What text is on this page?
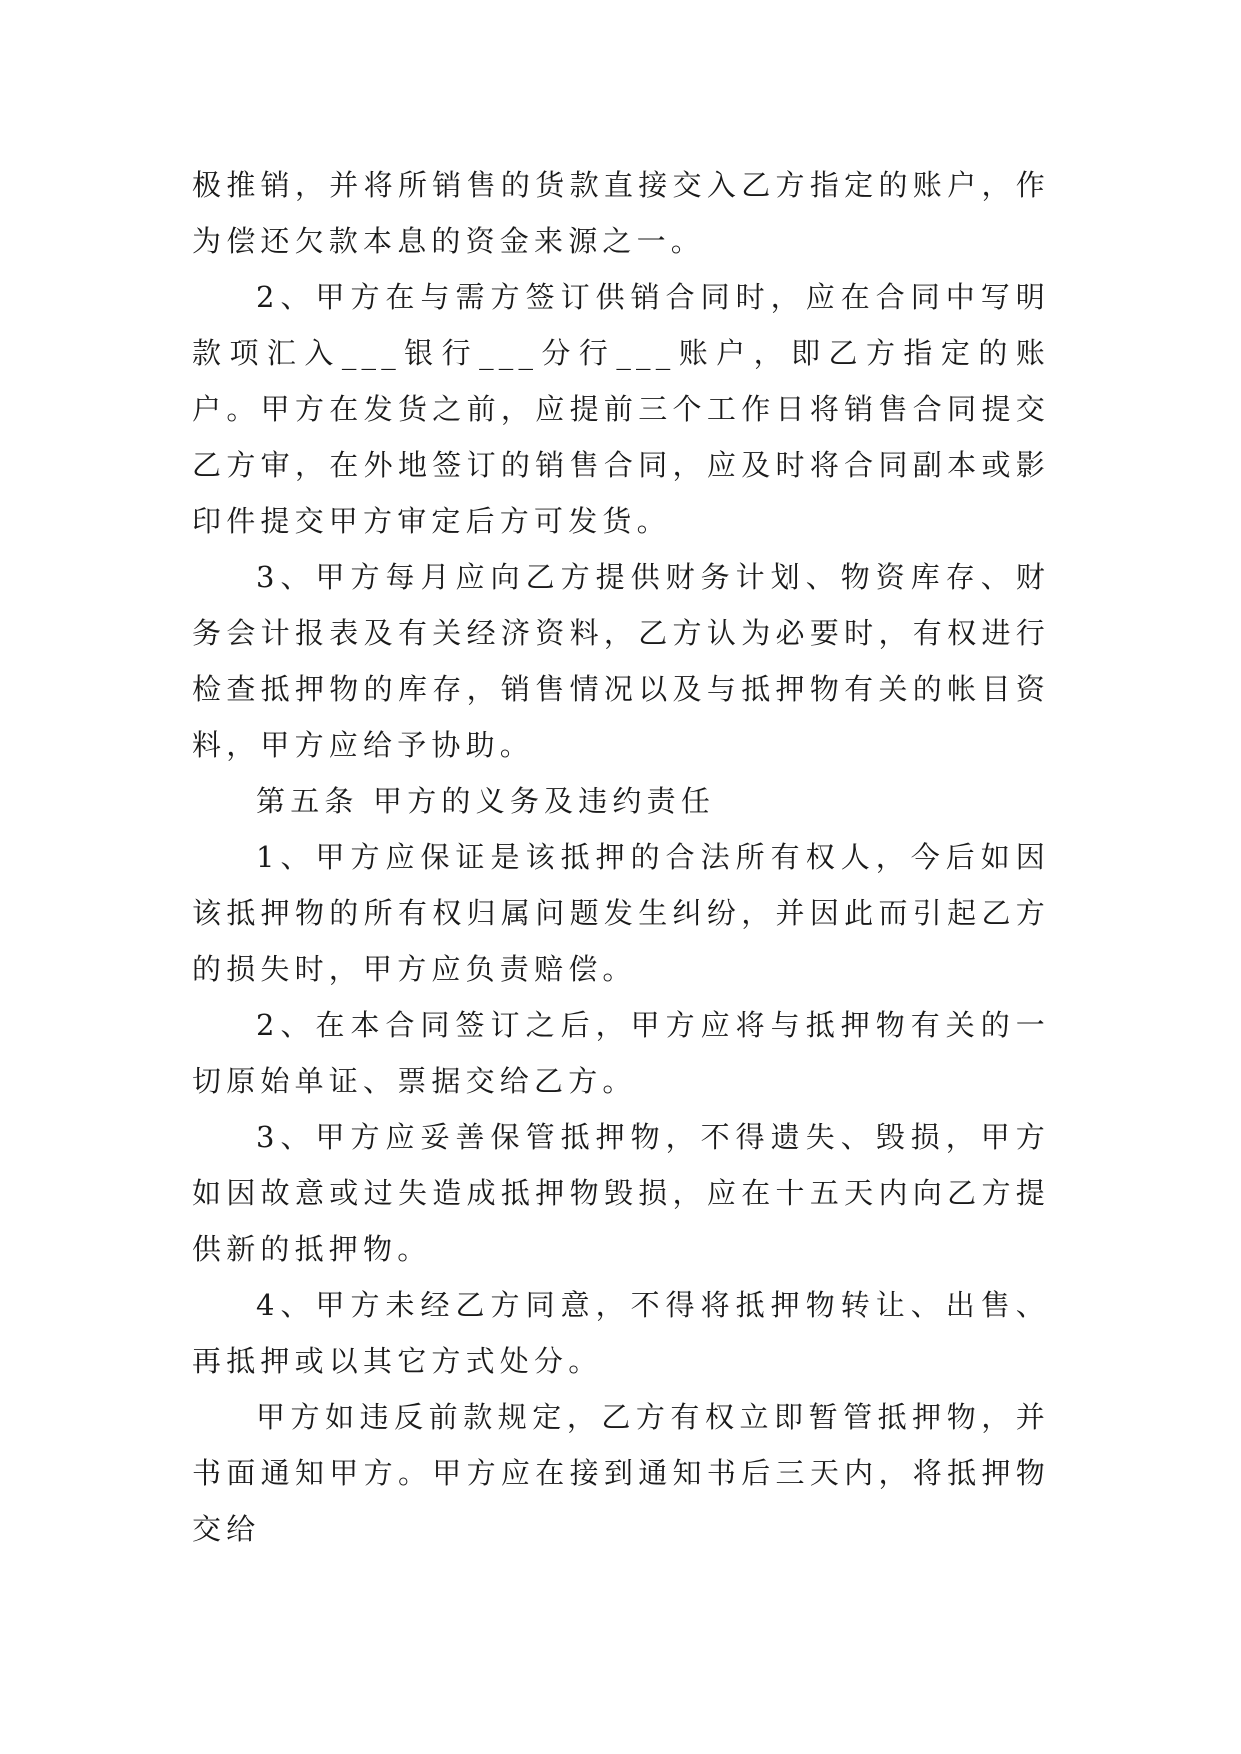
极推销，并将所销售的货款直接交入乙方指定的账户，作为偿还欠款本息的资金来源之一。

2、甲方在与需方签订供销合同时，应在合同中写明款项汇入___银行___分行___账户，即乙方指定的账户。甲方在发货之前，应提前三个工作日将销售合同提交乙方审，在外地签订的销售合同，应及时将合同副本或影印件提交甲方审定后方可发货。

3、甲方每月应向乙方提供财务计划、物资库存、财务会计报表及有关经济资料，乙方认为必要时，有权进行检查抵押物的库存，销售情况以及与抵押物有关的帐目资料，甲方应给予协助。

第五条 甲方的义务及违约责任

1、甲方应保证是该抵押的合法所有权人，今后如因该抵押物的所有权归属问题发生纠纷，并因此而引起乙方的损失时，甲方应负责赔偿。

2、在本合同签订之后，甲方应将与抵押物有关的一切原始单证、票据交给乙方。

3、甲方应妥善保管抵押物，不得遗失、毁损，甲方如因故意或过失造成抵押物毁损，应在十五天内向乙方提供新的抵押物。

4、甲方未经乙方同意，不得将抵押物转让、出售、再抵押或以其它方式处分。

甲方如违反前款规定，乙方有权立即暂管抵押物，并书面通知甲方。甲方应在接到通知书后三天内，将抵押物交给
